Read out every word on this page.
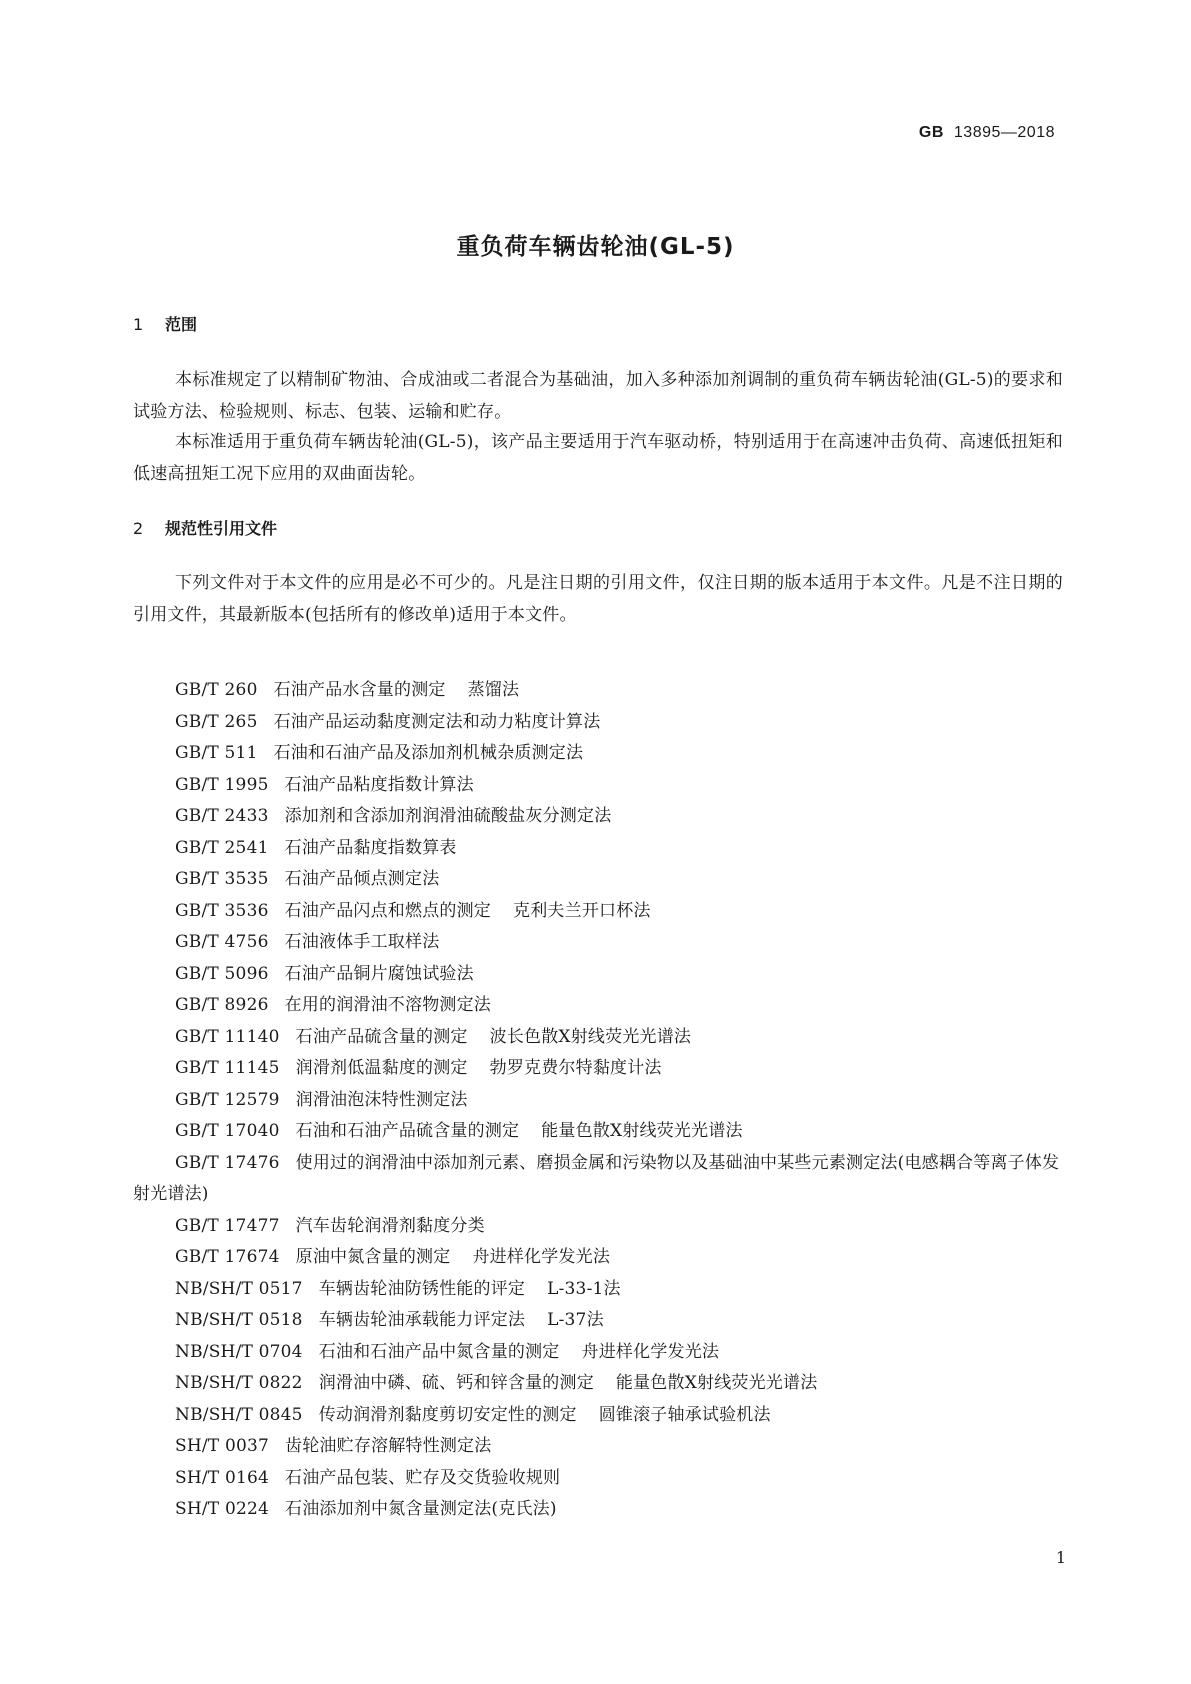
GB 13895—2018
重负荷车辆齿轮油(GL-5)
1 范围
本标准规定了以精制矿物油、合成油或二者混合为基础油，加入多种添加剂调制的重负荷车辆齿轮油(GL-5)的要求和试验方法、检验规则、标志、包装、运输和贮存。
本标准适用于重负荷车辆齿轮油(GL-5)，该产品主要适用于汽车驱动桥，特别适用于在高速冲击负荷、高速低扭矩和低速高扭矩工况下应用的双曲面齿轮。
2 规范性引用文件
下列文件对于本文件的应用是必不可少的。凡是注日期的引用文件，仅注日期的版本适用于本文件。凡是不注日期的引用文件，其最新版本(包括所有的修改单)适用于本文件。
GB/T 260 石油产品水含量的测定 蒸馏法
GB/T 265 石油产品运动黏度测定法和动力粘度计算法
GB/T 511 石油和石油产品及添加剂机械杂质测定法
GB/T 1995 石油产品粘度指数计算法
GB/T 2433 添加剂和含添加剂润滑油硫酸盐灰分测定法
GB/T 2541 石油产品黏度指数算表
GB/T 3535 石油产品倾点测定法
GB/T 3536 石油产品闪点和燃点的测定 克利夫兰开口杯法
GB/T 4756 石油液体手工取样法
GB/T 5096 石油产品铜片腐蚀试验法
GB/T 8926 在用的润滑油不溶物测定法
GB/T 11140 石油产品硫含量的测定 波长色散X射线荧光光谱法
GB/T 11145 润滑剂低温黏度的测定 勃罗克费尔特黏度计法
GB/T 12579 润滑油泡沫特性测定法
GB/T 17040 石油和石油产品硫含量的测定 能量色散X射线荧光光谱法
GB/T 17476 使用过的润滑油中添加剂元素、磨损金属和污染物以及基础油中某些元素测定法(电感耦合等离子体发射光谱法)
GB/T 17477 汽车齿轮润滑剂黏度分类
GB/T 17674 原油中氮含量的测定 舟进样化学发光法
NB/SH/T 0517 车辆齿轮油防锈性能的评定 L-33-1法
NB/SH/T 0518 车辆齿轮油承载能力评定法 L-37法
NB/SH/T 0704 石油和石油产品中氮含量的测定 舟进样化学发光法
NB/SH/T 0822 润滑油中磷、硫、钙和锌含量的测定 能量色散X射线荧光光谱法
NB/SH/T 0845 传动润滑剂黏度剪切安定性的测定 圆锥滚子轴承试验机法
SH/T 0037 齿轮油贮存溶解特性测定法
SH/T 0164 石油产品包装、贮存及交货验收规则
SH/T 0224 石油添加剂中氮含量测定法(克氏法)
1
